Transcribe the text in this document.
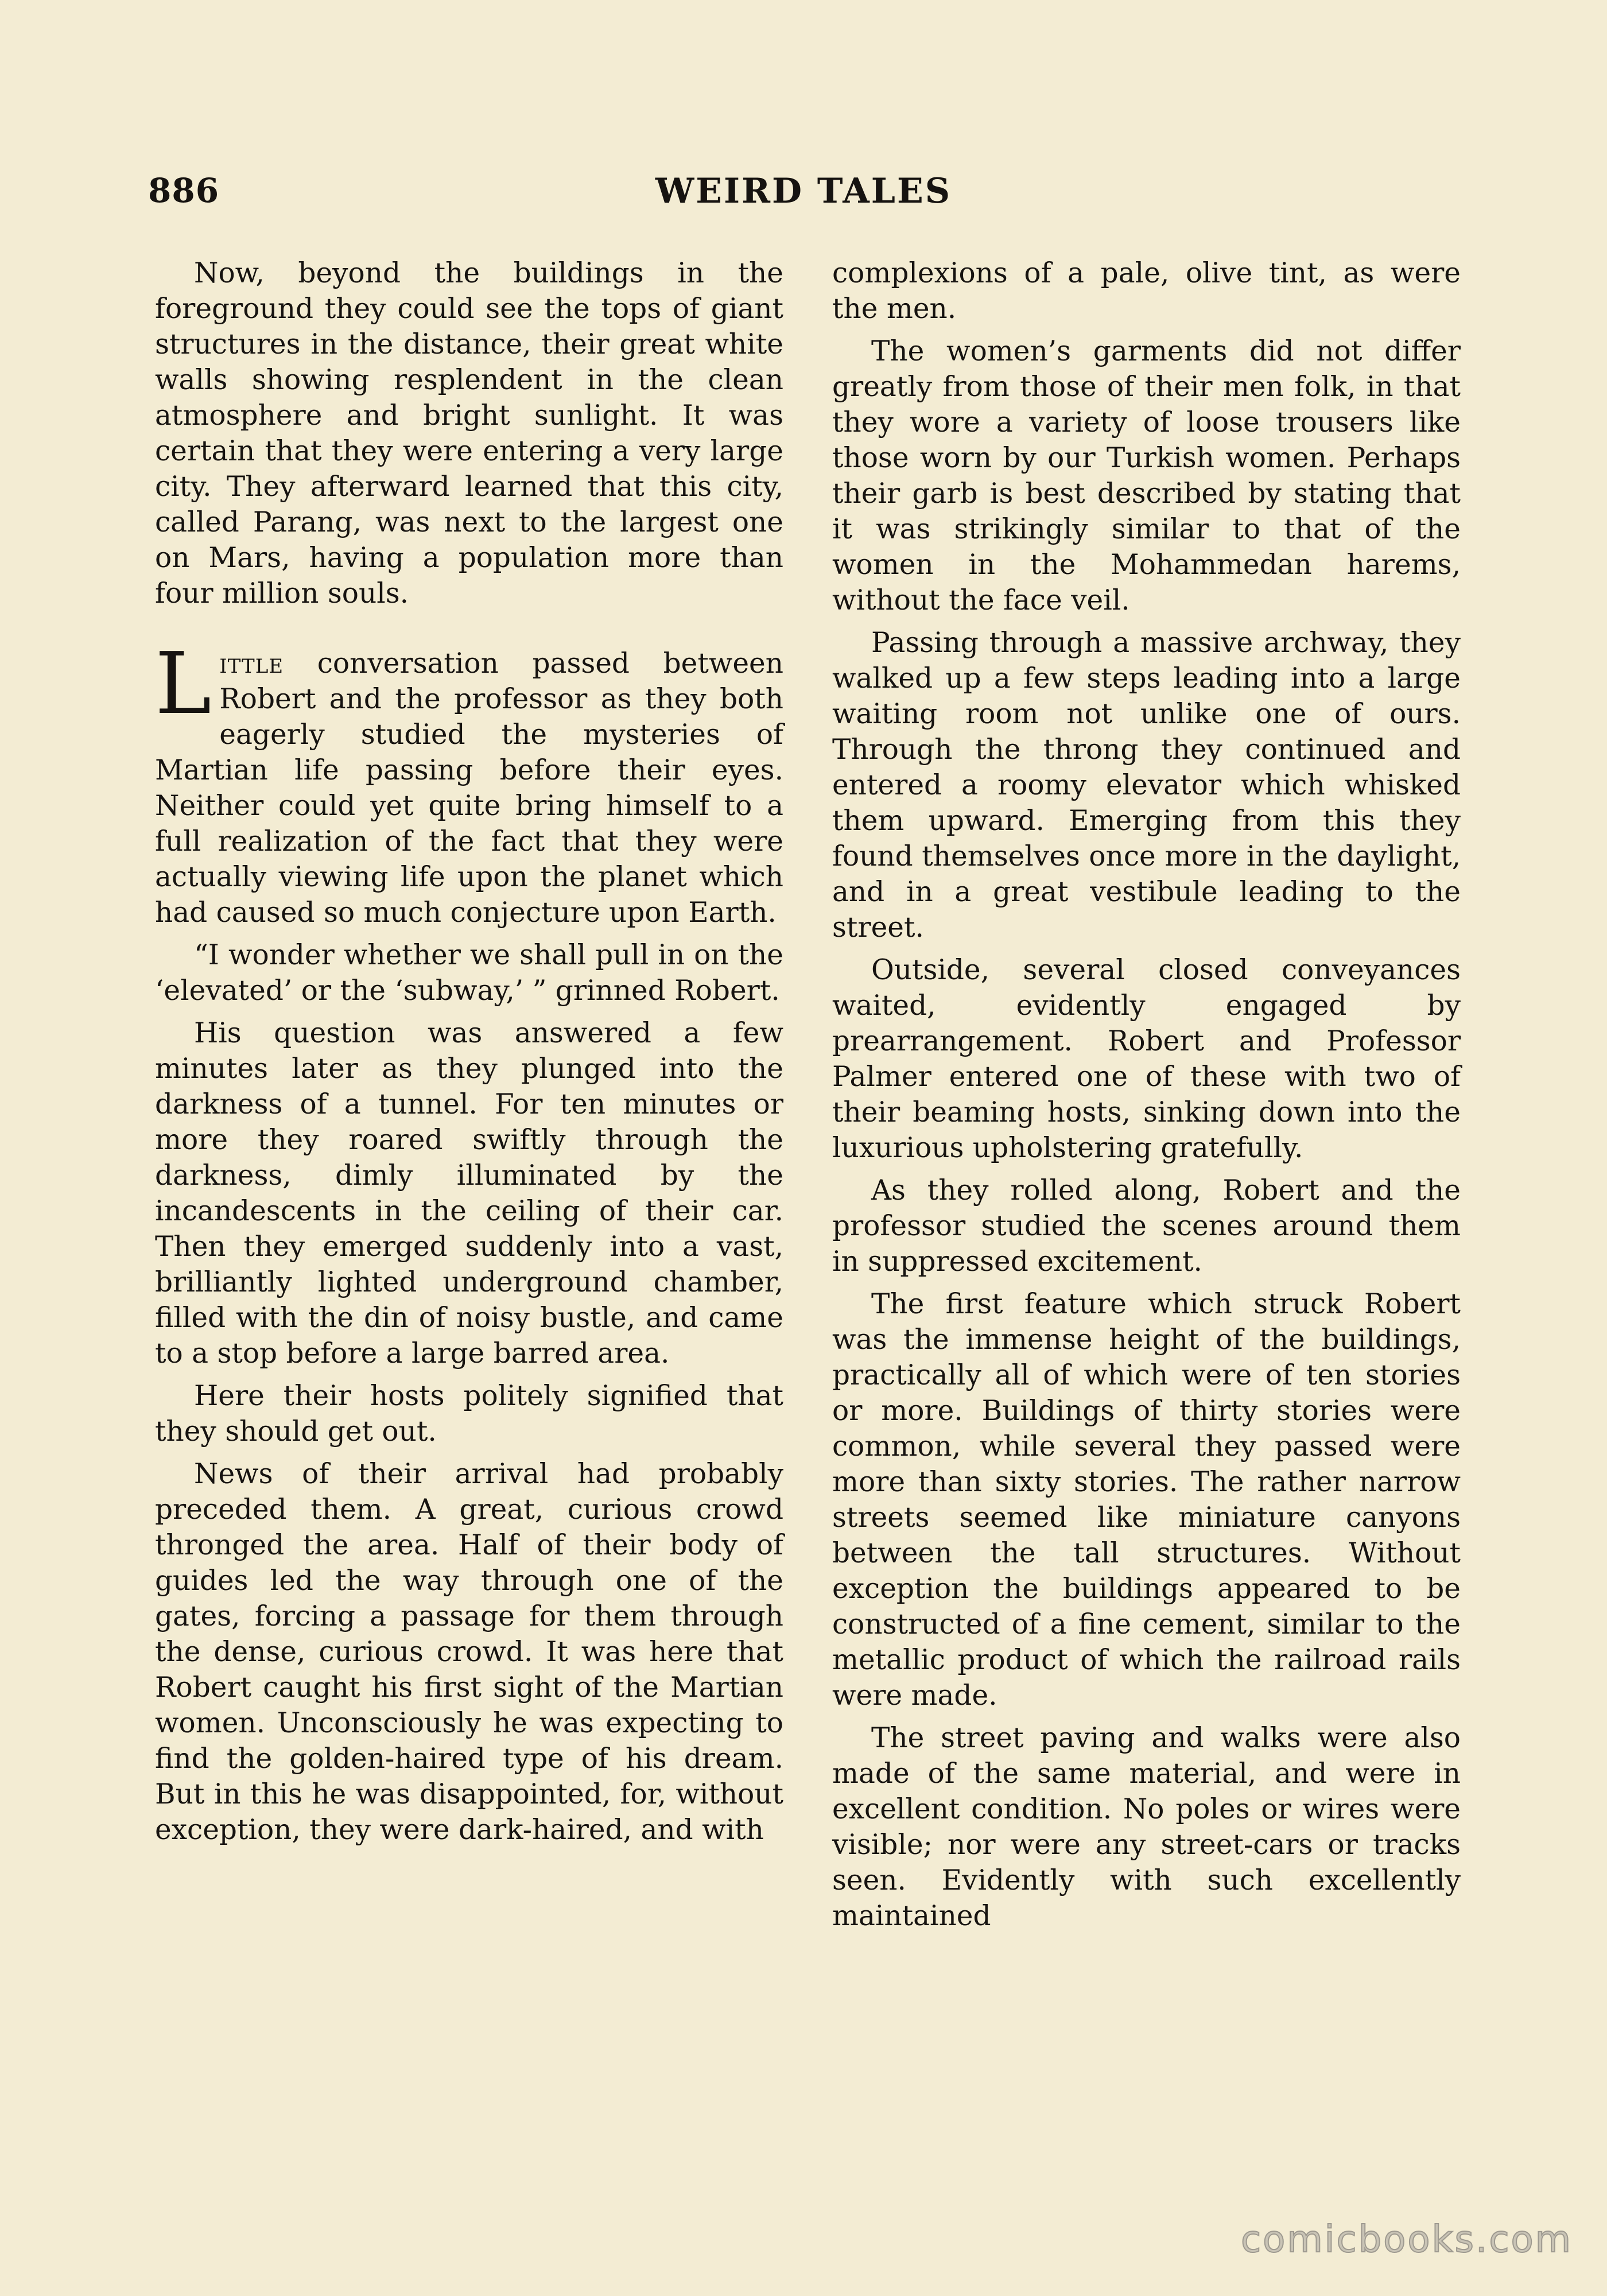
886	WEIRD TALES

Now, beyond the buildings in the foreground they could see the tops of giant structures in the distance, their great white walls showing resplendent in the clean atmosphere and bright sunlight. It was certain that they were entering a very large city. They afterward learned that this city, called Parang, was next to the largest one on Mars, having a population more than four million souls.

Little conversation passed between Robert and the professor as they both eagerly studied the mysteries of Martian life passing before their eyes. Neither could yet quite bring himself to a full realization of the fact that they were actually viewing life upon the planet which had caused so much conjecture upon Earth.

“I wonder whether we shall pull in on the ‘elevated’ or the ‘subway,’ ” grinned Robert.

His question was answered a few minutes later as they plunged into the darkness of a tunnel. For ten minutes or more they roared swiftly through the darkness, dimly illuminated by the incandescents in the ceiling of their car. Then they emerged suddenly into a vast, brilliantly lighted underground chamber, filled with the din of noisy bustle, and came to a stop before a large barred area.

Here their hosts politely signified that they should get out.

News of their arrival had probably preceded them. A great, curious crowd thronged the area. Half of their body of guides led the way through one of the gates, forcing a passage for them through the dense, curious crowd. It was here that Robert caught his first sight of the Martian women. Unconsciously he was expecting to find the golden-haired type of his dream. But in this he was disappointed, for, without exception, they were dark-haired, and with

complexions of a pale, olive tint, as were the men.

The women’s garments did not differ greatly from those of their men folk, in that they wore a variety of loose trousers like those worn by our Turkish women. Perhaps their garb is best described by stating that it was strikingly similar to that of the women in the Mohammedan harems, without the face veil.

Passing through a massive archway, they walked up a few steps leading into a large waiting room not unlike one of ours. Through the throng they continued and entered a roomy elevator which whisked them upward. Emerging from this they found themselves once more in the daylight, and in a great vestibule leading to the street.

Outside, several closed conveyances waited, evidently engaged by prearrangement. Robert and Professor Palmer entered one of these with two of their beaming hosts, sinking down into the luxurious upholstering gratefully.

As they rolled along, Robert and the professor studied the scenes around them in suppressed excitement.

The first feature which struck Robert was the immense height of the buildings, practically all of which were of ten stories or more. Buildings of thirty stories were common, while several they passed were more than sixty stories. The rather narrow streets seemed like miniature canyons between the tall structures. Without exception the buildings appeared to be constructed of a fine cement, similar to the metallic product of which the railroad rails were made.

The street paving and walks were also made of the same material, and were in excellent condition. No poles or wires were visible; nor were any street-cars or tracks seen. Evidently with such excellently maintained

comicbooks.com
